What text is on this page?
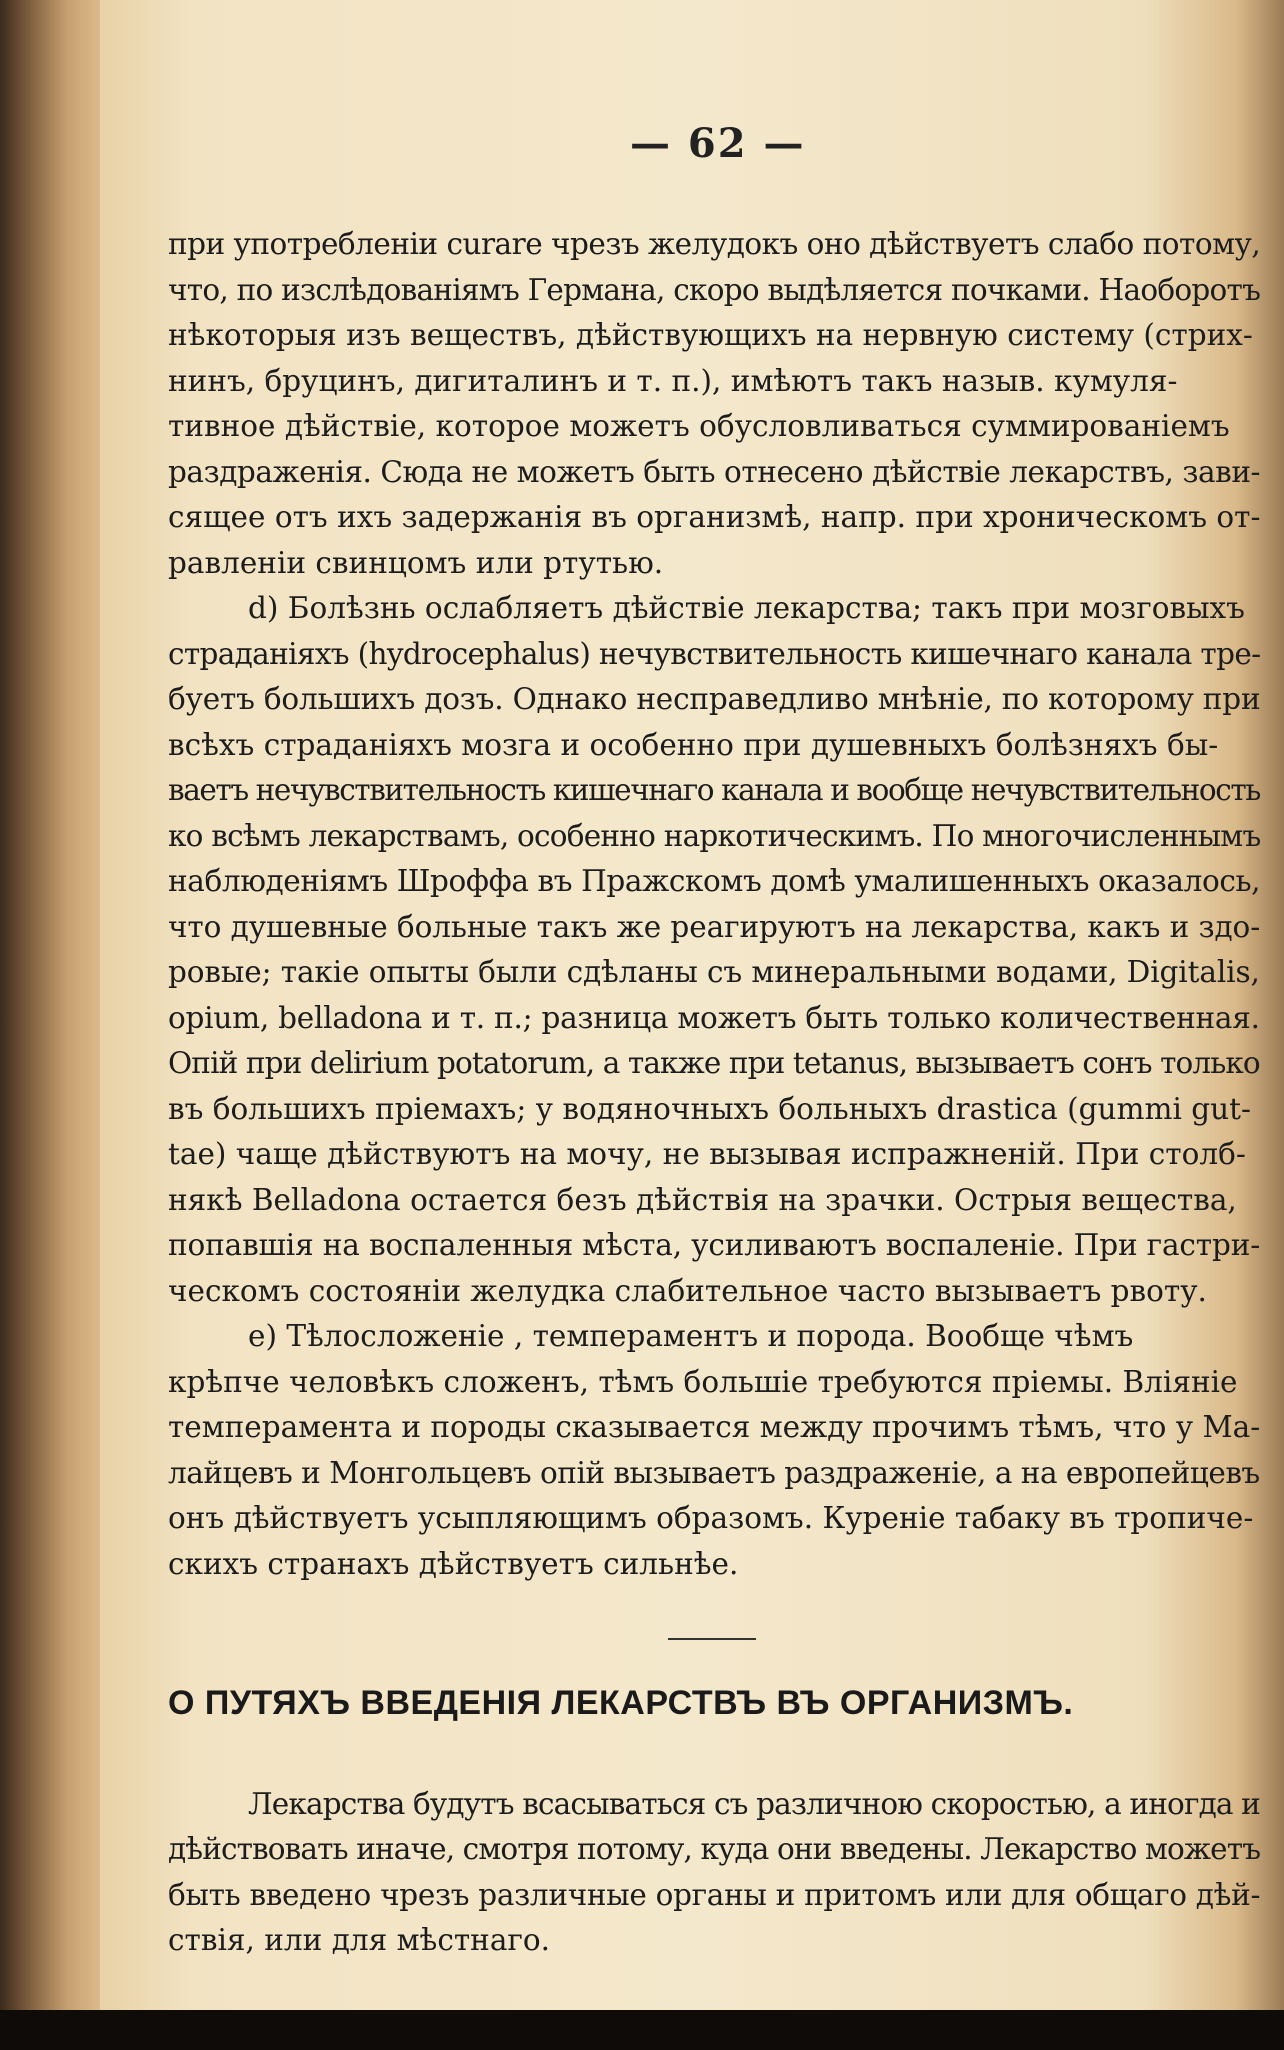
— 62 —

при употребленіи curare чрезъ желудокъ оно дѣйствуетъ слабо потому,
что, по изслѣдованіямъ Германа, скоро выдѣляется почками. Наоборотъ
нѣкоторыя изъ веществъ, дѣйствующихъ на нервную систему (стрих-
нинъ, бруцинъ, дигиталинъ и т. п.), имѣютъ такъ назыв. кумуля-
тивное дѣйствіе, которое можетъ обусловливаться суммированіемъ
раздраженія. Сюда не можетъ быть отнесено дѣйствіе лекарствъ, зави-
сящее отъ ихъ задержанія въ организмѣ, напр. при хроническомъ от-
равленіи свинцомъ или ртутью.

d) Болѣзнь ослабляетъ дѣйствіе лекарства; такъ при мозговыхъ
страданіяхъ (hydrocephalus) нечувствительность кишечнаго канала тре-
буетъ большихъ дозъ. Однако несправедливо мнѣніе, по которому при
всѣхъ страданіяхъ мозга и особенно при душевныхъ болѣзняхъ бы-
ваетъ нечувствительность кишечнаго канала и вообще нечувствительность
ко всѣмъ лекарствамъ, особенно наркотическимъ. По многочисленнымъ
наблюденіямъ Шроффа въ Пражскомъ домѣ умалишенныхъ оказалось,
что душевные больные такъ же реагируютъ на лекарства, какъ и здо-
ровые; такіе опыты были сдѣланы съ минеральными водами, Digitalis,
opium, belladona и т. п.; разница можетъ быть только количественная.
Опій при delirium potatorum, а также при tetanus, вызываетъ сонъ только
въ большихъ пріемахъ; у водяночныхъ больныхъ drastica (gummi gut-
tae) чаще дѣйствуютъ на мочу, не вызывая испражненій. При столб-
някѣ Belladona остается безъ дѣйствія на зрачки. Острыя вещества,
попавшія на воспаленныя мѣста, усиливаютъ воспаленіе. При гастри-
ческомъ состояніи желудка слабительное часто вызываетъ рвоту.

e) Тѣлосложеніе , темпераментъ и порода. Вообще чѣмъ
крѣпче человѣкъ сложенъ, тѣмъ большіе требуются пріемы. Вліяніе
темперамента и породы сказывается между прочимъ тѣмъ, что у Ма-
лайцевъ и Монгольцевъ опій вызываетъ раздраженіе, а на европейцевъ
онъ дѣйствуетъ усыпляющимъ образомъ. Куреніе табаку въ тропиче-
скихъ странахъ дѣйствуетъ сильнѣе.

О ПУТЯХЪ ВВЕДЕНІЯ ЛЕКАРСТВЪ ВЪ ОРГАНИЗМЪ.

Лекарства будутъ всасываться съ различною скоростью, а иногда и
дѣйствовать иначе, смотря потому, куда они введены. Лекарство можетъ
быть введено чрезъ различные органы и притомъ или для общаго дѣй-
ствія, или для мѣстнаго.
